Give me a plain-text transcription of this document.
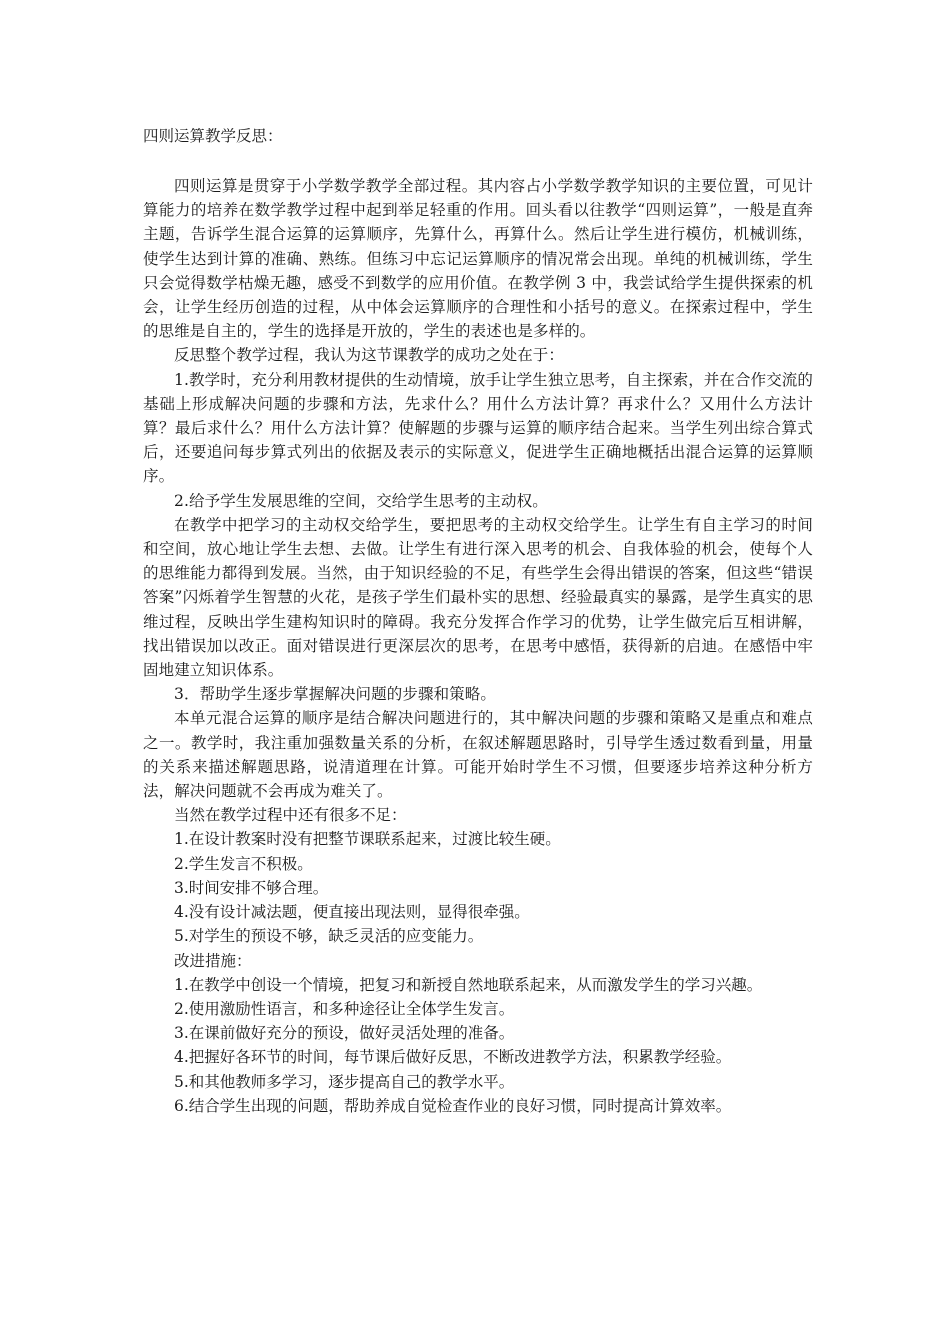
四则运算教学反思：

四则运算是贯穿于小学数学教学全部过程。其内容占小学数学教学知识的主要位置，可见计算能力的培养在数学教学过程中起到举足轻重的作用。回头看以往教学“四则运算”，一般是直奔主题，告诉学生混合运算的运算顺序，先算什么，再算什么。然后让学生进行模仿，机械训练，使学生达到计算的准确、熟练。但练习中忘记运算顺序的情况常会出现。单纯的机械训练，学生只会觉得数学枯燥无趣，感受不到数学的应用价值。在教学例 3 中，我尝试给学生提供探索的机会，让学生经历创造的过程，从中体会运算顺序的合理性和小括号的意义。在探索过程中，学生的思维是自主的，学生的选择是开放的，学生的表述也是多样的。

反思整个教学过程，我认为这节课教学的成功之处在于：

1.教学时，充分利用教材提供的生动情境，放手让学生独立思考，自主探索，并在合作交流的基础上形成解决问题的步骤和方法，先求什么？用什么方法计算？再求什么？又用什么方法计算？最后求什么？用什么方法计算？使解题的步骤与运算的顺序结合起来。当学生列出综合算式后，还要追问每步算式列出的依据及表示的实际意义，促进学生正确地概括出混合运算的运算顺序。

2.给予学生发展思维的空间，交给学生思考的主动权。

在教学中把学习的主动权交给学生，要把思考的主动权交给学生。让学生有自主学习的时间和空间，放心地让学生去想、去做。让学生有进行深入思考的机会、自我体验的机会，使每个人的思维能力都得到发展。当然，由于知识经验的不足，有些学生会得出错误的答案，但这些“错误答案”闪烁着学生智慧的火花，是孩子学生们最朴实的思想、经验最真实的暴露，是学生真实的思维过程，反映出学生建构知识时的障碍。我充分发挥合作学习的优势，让学生做完后互相讲解，找出错误加以改正。面对错误进行更深层次的思考，在思考中感悟，获得新的启迪。在感悟中牢固地建立知识体系。

3．帮助学生逐步掌握解决问题的步骤和策略。

本单元混合运算的顺序是结合解决问题进行的，其中解决问题的步骤和策略又是重点和难点之一。教学时，我注重加强数量关系的分析，在叙述解题思路时，引导学生透过数看到量，用量的关系来描述解题思路，说清道理在计算。可能开始时学生不习惯，但要逐步培养这种分析方法，解决问题就不会再成为难关了。

当然在教学过程中还有很多不足：

1.在设计教案时没有把整节课联系起来，过渡比较生硬。

2.学生发言不积极。

3.时间安排不够合理。

4.没有设计减法题，便直接出现法则，显得很牵强。

5.对学生的预设不够，缺乏灵活的应变能力。

改进措施：

1.在教学中创设一个情境，把复习和新授自然地联系起来，从而激发学生的学习兴趣。

2.使用激励性语言，和多种途径让全体学生发言。

3.在课前做好充分的预设，做好灵活处理的准备。

4.把握好各环节的时间，每节课后做好反思，不断改进教学方法，积累教学经验。

5.和其他教师多学习，逐步提高自己的教学水平。

6.结合学生出现的问题，帮助养成自觉检查作业的良好习惯，同时提高计算效率。
